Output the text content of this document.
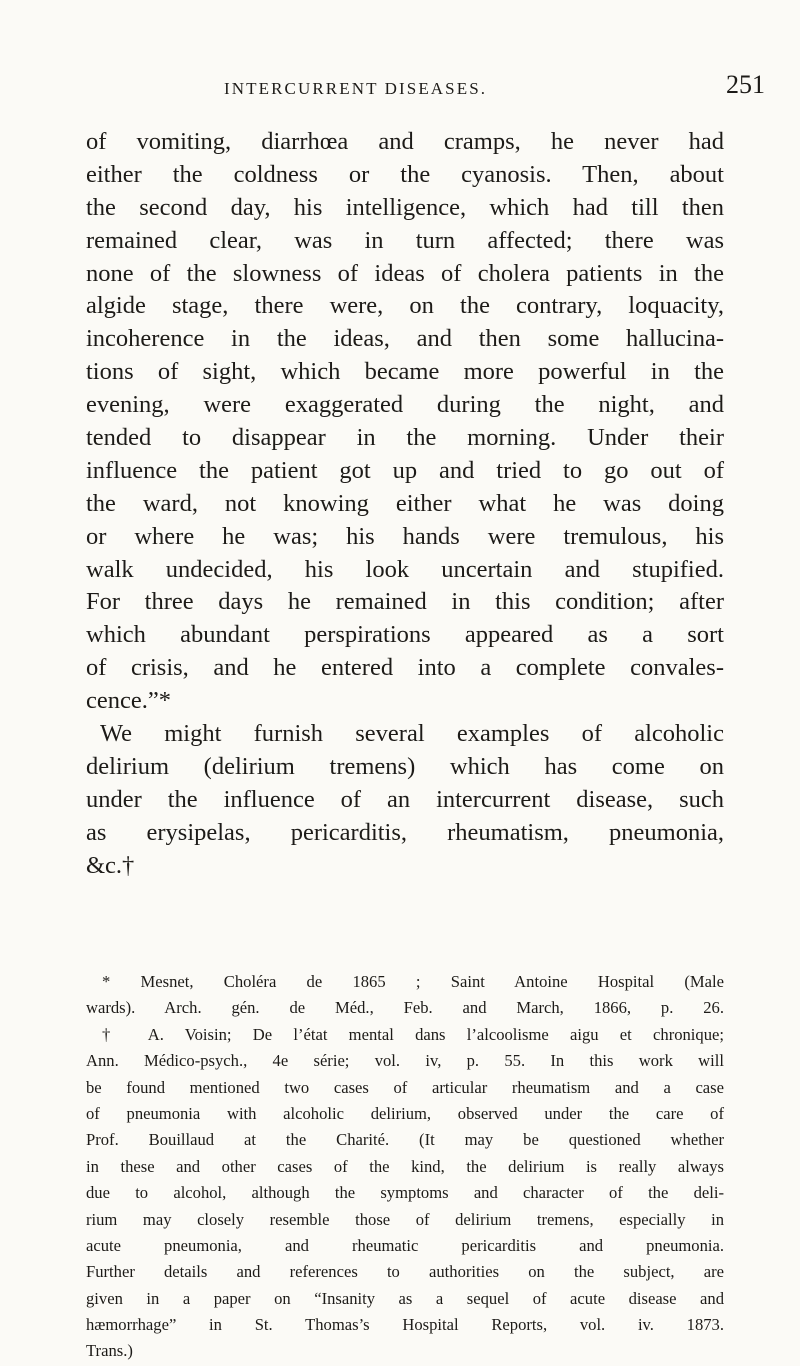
INTERCURRENT DISEASES.	251
of vomiting, diarrhœa and cramps, he never had
either the coldness or the cyanosis. Then, about
the second day, his intelligence, which had till then
remained clear, was in turn affected; there was
none of the slowness of ideas of cholera patients in the
algide stage, there were, on the contrary, loquacity,
incoherence in the ideas, and then some hallucina-
tions of sight, which became more powerful in the
evening, were exaggerated during the night, and
tended to disappear in the morning. Under their
influence the patient got up and tried to go out of
the ward, not knowing either what he was doing
or where he was; his hands were tremulous, his
walk undecided, his look uncertain and stupified.
For three days he remained in this condition; after
which abundant perspirations appeared as a sort
of crisis, and he entered into a complete convales-
cence.”*
We might furnish several examples of alcoholic
delirium (delirium tremens) which has come on
under the influence of an intercurrent disease, such
as erysipelas, pericarditis, rheumatism, pneumonia,
&c.†
* Mesnet, Choléra de 1865 ; Saint Antoine Hospital (Male
wards). Arch. gén. de Méd., Feb. and March, 1866, p. 26.
† A. Voisin; De l’état mental dans l’alcoolisme aigu et chronique;
Ann. Médico-psych., 4e série; vol. iv, p. 55. In this work will
be found mentioned two cases of articular rheumatism and a case
of pneumonia with alcoholic delirium, observed under the care of
Prof. Bouillaud at the Charité. (It may be questioned whether
in these and other cases of the kind, the delirium is really always
due to alcohol, although the symptoms and character of the deli-
rium may closely resemble those of delirium tremens, especially in
acute pneumonia, and rheumatic pericarditis and pneumonia.
Further details and references to authorities on the subject, are
given in a paper on “Insanity as a sequel of acute disease and
hæmorrhage” in St. Thomas’s Hospital Reports, vol. iv. 1873.
Trans.)
